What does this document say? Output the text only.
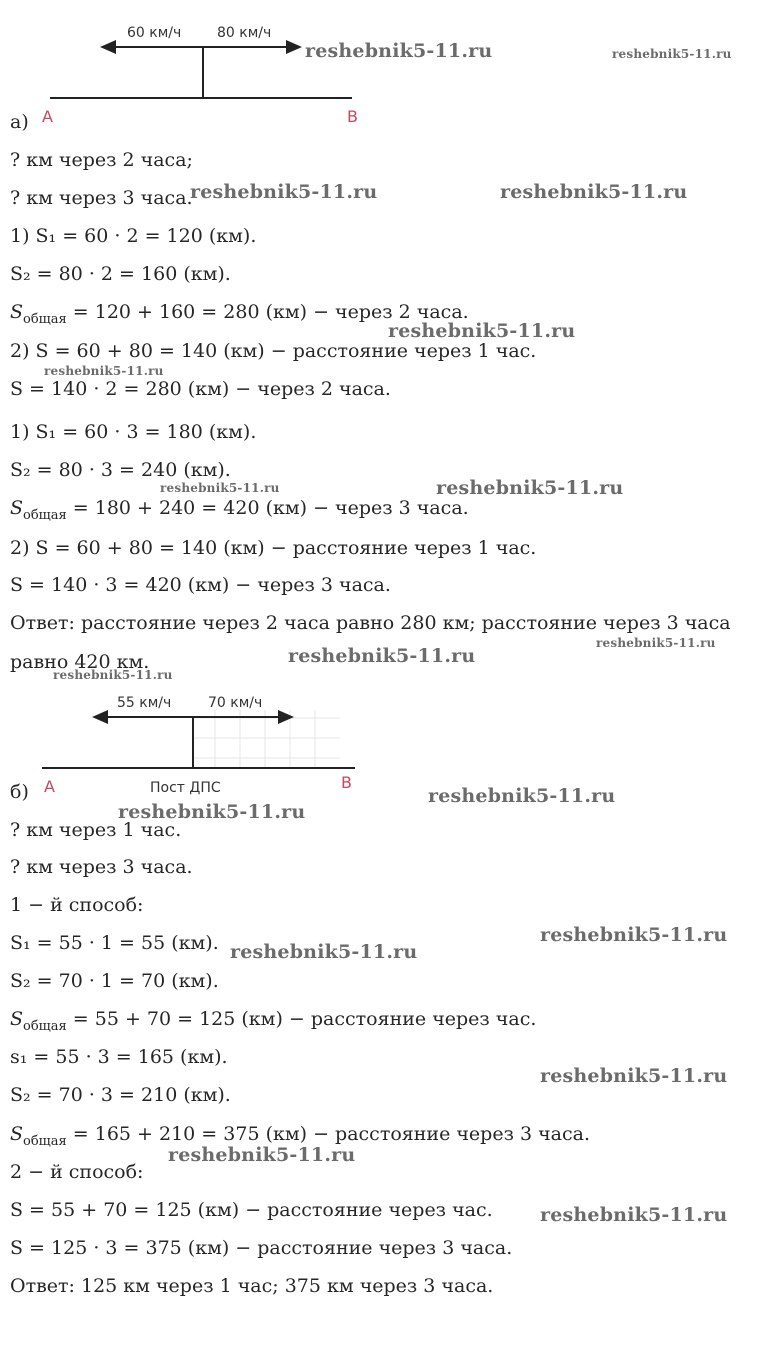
60 км/ч	80 км/ч
A	B
а)
? км через 2 часа;
? км через 3 часа.
1) S₁ = 60 · 2 = 120 (км).
S₂ = 80 · 2 = 160 (км).
$S_{общая} = 120 + 160 = 280$ (км) − через 2 часа.
2) S = 60 + 80 = 140 (км) − расстояние через 1 час.
S = 140 · 2 = 280 (км) − через 2 часа.
1) S₁ = 60 · 3 = 180 (км).
S₂ = 80 · 3 = 240 (км).
$S_{общая} = 180 + 240 = 420$ (км) − через 3 часа.
2) S = 60 + 80 = 140 (км) − расстояние через 1 час.
S = 140 · 3 = 420 (км) − через 3 часа.
Ответ: расстояние через 2 часа равно 280 км; расстояние через 3 часа
равно 420 км.
55 км/ч	70 км/ч
Пост ДПС
A	B
б)
? км через 1 час.
? км через 3 часа.
1 − й способ:
S₁ = 55 · 1 = 55 (км).
S₂ = 70 · 1 = 70 (км).
$S_{общая} = 55 + 70 = 125$ (км) − расстояние через час.
s₁ = 55 · 3 = 165 (км).
S₂ = 70 · 3 = 210 (км).
$S_{общая} = 165 + 210 = 375$ (км) − расстояние через 3 часа.
2 − й способ:
S = 55 + 70 = 125 (км) − расстояние через час.
S = 125 · 3 = 375 (км) − расстояние через 3 часа.
Ответ: 125 км через 1 час; 375 км через 3 часа.
reshebnik5-11.ru	reshebnik5-11.ru
reshebnik5-11.ru	reshebnik5-11.ru
reshebnik5-11.ru
reshebnik5-11.ru
reshebnik5-11.ru	reshebnik5-11.ru
reshebnik5-11.ru
reshebnik5-11.ru
reshebnik5-11.ru
reshebnik5-11.ru
reshebnik5-11.ru
reshebnik5-11.ru
reshebnik5-11.ru
reshebnik5-11.ru
reshebnik5-11.ru
reshebnik5-11.ru
